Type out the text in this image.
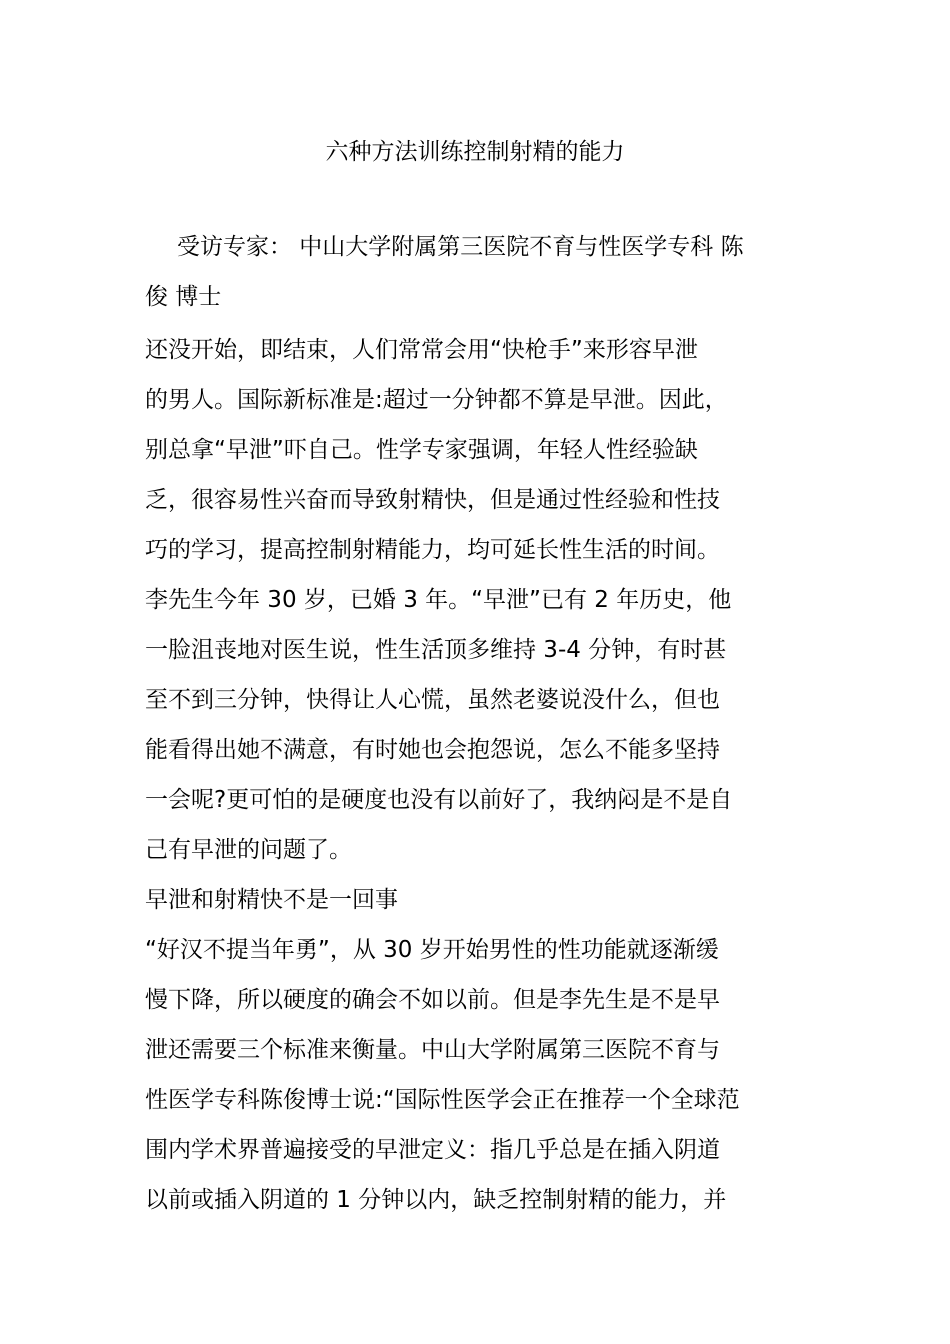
六种方法训练控制射精的能力
受访专家： 中山大学附属第三医院不育与性医学专科 陈
俊 博士
还没开始，即结束，人们常常会用“快枪手”来形容早泄
的男人。国际新标准是:超过一分钟都不算是早泄。因此，
别总拿“早泄”吓自己。性学专家强调，年轻人性经验缺
乏，很容易性兴奋而导致射精快，但是通过性经验和性技
巧的学习，提高控制射精能力，均可延长性生活的时间。
李先生今年 30 岁，已婚 3 年。“早泄”已有 2 年历史，他
一脸沮丧地对医生说，性生活顶多维持 3-4 分钟，有时甚
至不到三分钟，快得让人心慌，虽然老婆说没什么，但也
能看得出她不满意，有时她也会抱怨说，怎么不能多坚持
一会呢?更可怕的是硬度也没有以前好了，我纳闷是不是自
己有早泄的问题了。
早泄和射精快不是一回事
“好汉不提当年勇”，从 30 岁开始男性的性功能就逐渐缓
慢下降，所以硬度的确会不如以前。但是李先生是不是早
泄还需要三个标准来衡量。中山大学附属第三医院不育与
性医学专科陈俊博士说:“国际性医学会正在推荐一个全球范
围内学术界普遍接受的早泄定义：指几乎总是在插入阴道
以前或插入阴道的 1 分钟以内，缺乏控制射精的能力，并
